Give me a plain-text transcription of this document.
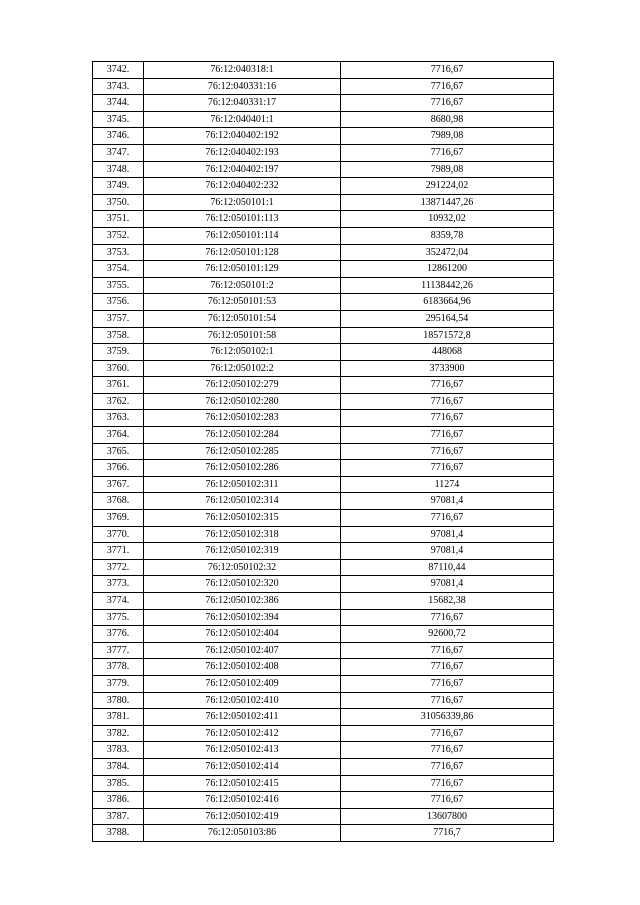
3742.	76:12:040318:1	7716,67
3743.	76:12:040331:16	7716,67
3744.	76:12:040331:17	7716,67
3745.	76:12:040401:1	8680,98
3746.	76:12:040402:192	7989,08
3747.	76:12:040402:193	7716,67
3748.	76:12:040402:197	7989,08
3749.	76:12:040402:232	291224,02
3750.	76:12:050101:1	13871447,26
3751.	76:12:050101:113	10932,02
3752.	76:12:050101:114	8359,78
3753.	76:12:050101:128	352472,04
3754.	76:12:050101:129	12861200
3755.	76:12:050101:2	11138442,26
3756.	76:12:050101:53	6183664,96
3757.	76:12:050101:54	295164,54
3758.	76:12:050101:58	18571572,8
3759.	76:12:050102:1	448068
3760.	76:12:050102:2	3733900
3761.	76:12:050102:279	7716,67
3762.	76:12:050102:280	7716,67
3763.	76:12:050102:283	7716,67
3764.	76:12:050102:284	7716,67
3765.	76:12:050102:285	7716,67
3766.	76:12:050102:286	7716,67
3767.	76:12:050102:311	11274
3768.	76:12:050102:314	97081,4
3769.	76:12:050102:315	7716,67
3770.	76:12:050102:318	97081,4
3771.	76:12:050102:319	97081,4
3772.	76:12:050102:32	87110,44
3773.	76:12:050102:320	97081,4
3774.	76:12:050102:386	15682,38
3775.	76:12:050102:394	7716,67
3776.	76:12:050102:404	92600,72
3777.	76:12:050102:407	7716,67
3778.	76:12:050102:408	7716,67
3779.	76:12:050102:409	7716,67
3780.	76:12:050102:410	7716,67
3781.	76:12:050102:411	31056339,86
3782.	76:12:050102:412	7716,67
3783.	76:12:050102:413	7716,67
3784.	76:12:050102:414	7716,67
3785.	76:12:050102:415	7716,67
3786.	76:12:050102:416	7716,67
3787.	76:12:050102:419	13607800
3788.	76:12:050103:86	7716,7
